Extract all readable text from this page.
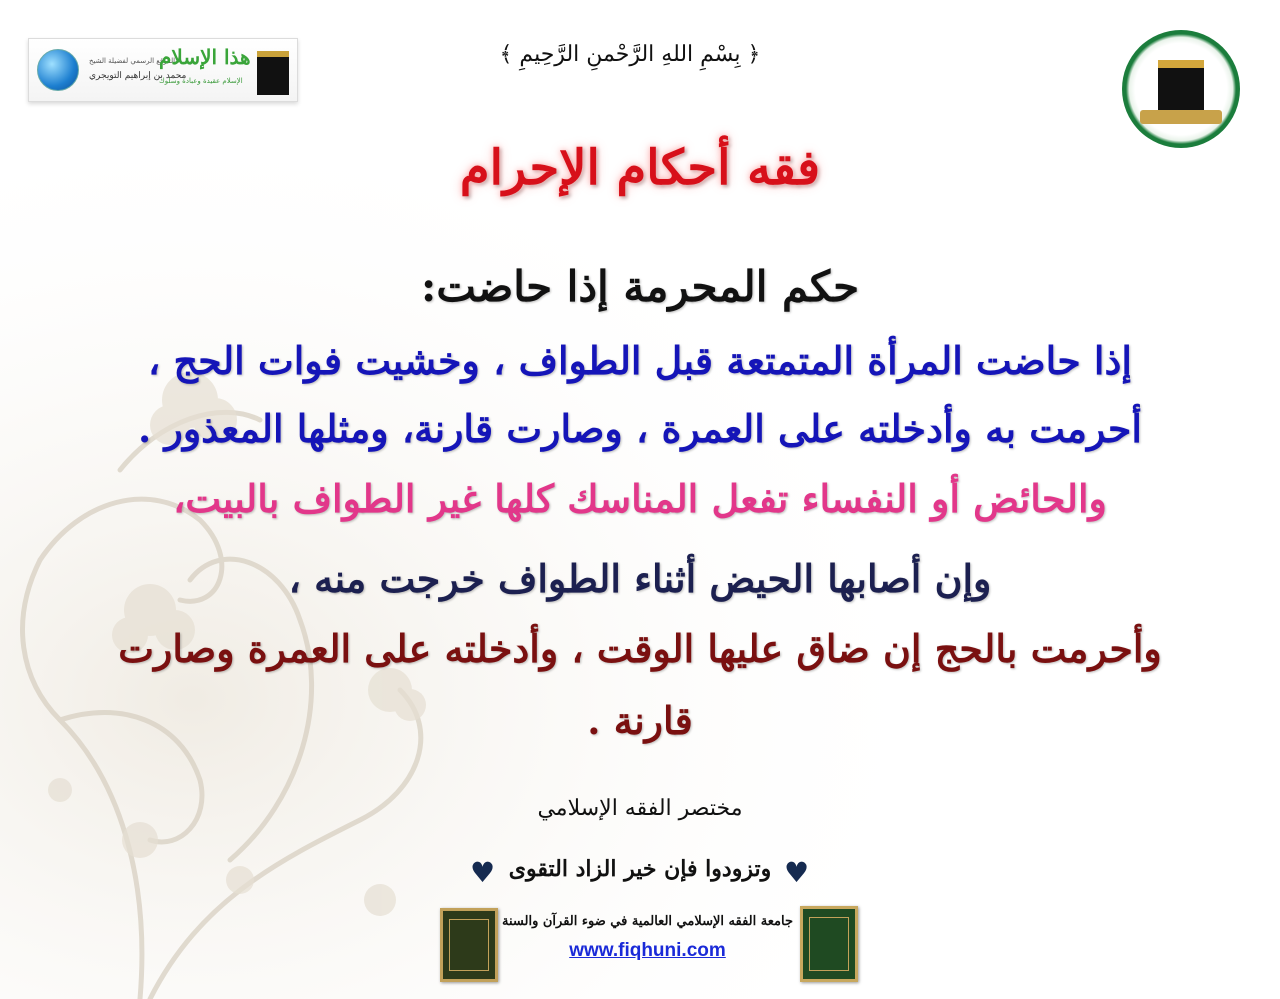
الموقع الرسمي لفضيلة الشيخ
محمد بن إبراهيم التويجري
هذا الإسلام
الإسلام عقيدة وعبادة وسلوك
﴿ بِسْمِ اللهِ الرَّحْمنِ الرَّحِيمِ ﴾
فقه أحكام الإحرام
حكم المحرمة إذا حاضت:
إذا حاضت المرأة المتمتعة قبل الطواف ، وخشيت فوات الحج ،
أحرمت به وأدخلته على العمرة ، وصارت قارنة، ومثلها المعذور .
والحائض أو النفساء تفعل المناسك كلها غير الطواف بالبيت،
وإن أصابها الحيض أثناء الطواف خرجت منه ،
وأحرمت بالحج إن ضاق عليها الوقت ، وأدخلته على العمرة وصارت
قارنة .
مختصر الفقه الإسلامي
♥ وتزودوا فإن خير الزاد التقوى ♥
جامعة الفقه الإسلامي العالمية في ضوء القرآن والسنة
www.fiqhuni.com
